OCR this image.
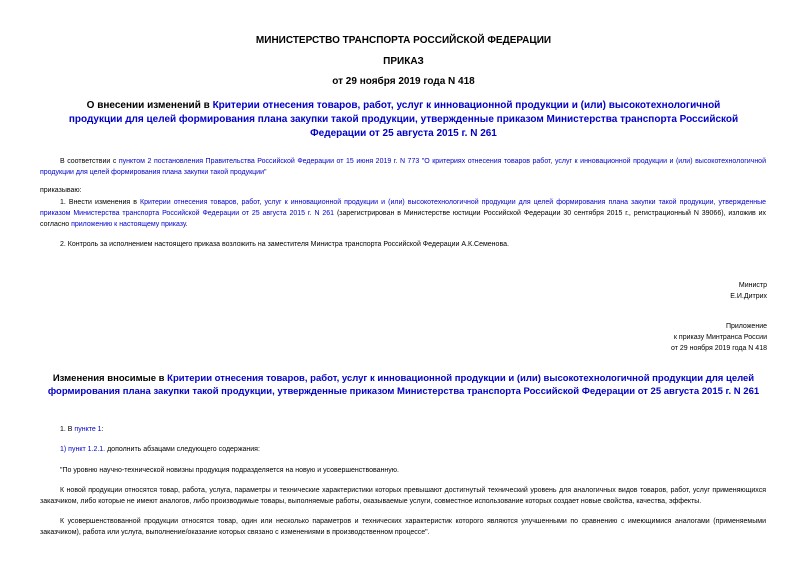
МИНИСТЕРСТВО ТРАНСПОРТА РОССИЙСКОЙ ФЕДЕРАЦИИ
ПРИКАЗ
от 29 ноября 2019 года N 418
О внесении изменений в Критерии отнесения товаров, работ, услуг к инновационной продукции и (или) высокотехнологичной продукции для целей формирования плана закупки такой продукции, утвержденные приказом Министерства транспорта Российской Федерации от 25 августа 2015 г. N 261
В соответствии с пунктом 2 постановления Правительства Российской Федерации от 15 июня 2019 г. N 773 "О критериях отнесения товаров работ, услуг к инновационной продукции и (или) высокотехнологичной продукции для целей формирования плана закупки такой продукции"
приказываю:
1. Внести изменения в Критерии отнесения товаров, работ, услуг к инновационной продукции и (или) высокотехнологичной продукции для целей формирования плана закупки такой продукции, утвержденные приказом Министерства транспорта Российской Федерации от 25 августа 2015 г. N 261 (зарегистрирован в Министерстве юстиции Российской Федерации 30 сентября 2015 г., регистрационный N 39066), изложив их согласно приложению к настоящему приказу.
2. Контроль за исполнением настоящего приказа возложить на заместителя Министра транспорта Российской Федерации А.К.Семенова.
Министр
Е.И.Дитрих
Приложение
к приказу Минтранса России
от 29 ноября 2019 года N 418
Изменения вносимые в Критерии отнесения товаров, работ, услуг к инновационной продукции и (или) высокотехнологичной продукции для целей формирования плана закупки такой продукции, утвержденные приказом Министерства транспорта Российской Федерации от 25 августа 2015 г. N 261
1. В пункте 1:
1) пункт 1.2.1. дополнить абзацами следующего содержания:
"По уровню научно-технической новизны продукция подразделяется на новую и усовершенствованную.
К новой продукции относятся товар, работа, услуга, параметры и технические характеристики которых превышают достигнутый технический уровень для аналогичных видов товаров, работ, услуг применяющихся заказчиком, либо которые не имеют аналогов, либо производимые товары, выполняемые работы, оказываемые услуги, совместное использование которых создает новые свойства, качества, эффекты.
К усовершенствованной продукции относятся товар, один или несколько параметров и технических характеристик которого являются улучшенными по сравнению с имеющимися аналогами (применяемыми заказчиком), работа или услуга, выполнение/оказание которых связано с изменениями в производственном процессе".
